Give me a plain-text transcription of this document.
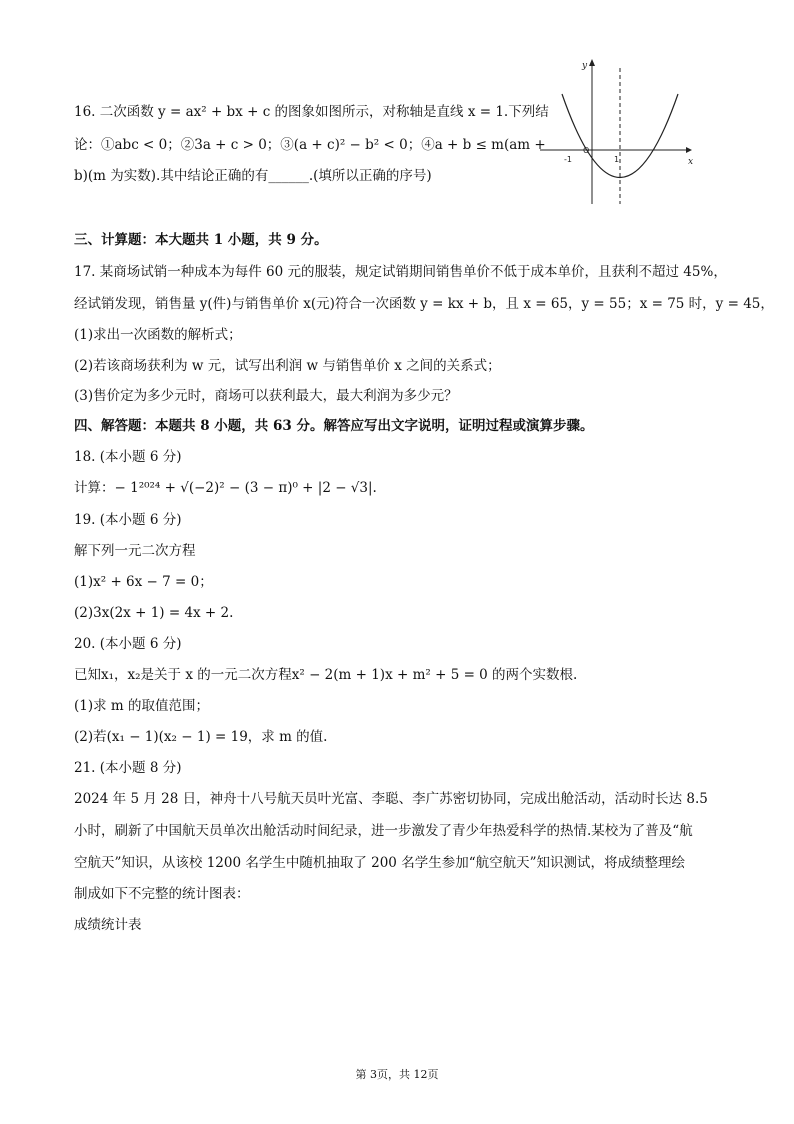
16. 二次函数 y = ax² + bx + c 的图象如图所示，对称轴是直线 x = 1.下列结
论：①abc < 0；②3a + c > 0；③(a + c)² − b² < 0；④a + b ≤ m(am +
b)(m 为实数).其中结论正确的有______.(填所以正确的序号)
y
x
-1
O
1
三、计算题：本大题共 1 小题，共 9 分。
17. 某商场试销一种成本为每件 60 元的服装，规定试销期间销售单价不低于成本单价，且获利不超过 45%，
经试销发现，销售量 y(件)与销售单价 x(元)符合一次函数 y = kx + b，且 x = 65，y = 55；x = 75 时，y = 45，
(1)求出一次函数的解析式；
(2)若该商场获利为 w 元，试写出利润 w 与销售单价 x 之间的关系式；
(3)售价定为多少元时，商场可以获利最大，最大利润为多少元？
四、解答题：本题共 8 小题，共 63 分。解答应写出文字说明，证明过程或演算步骤。
18. (本小题 6 分)
计算：− 1²⁰²⁴ + √(−2)² − (3 − π)⁰ + |2 − √3|.
19. (本小题 6 分)
解下列一元二次方程
(1)x² + 6x − 7 = 0；
(2)3x(2x + 1) = 4x + 2.
20. (本小题 6 分)
已知x₁，x₂是关于 x 的一元二次方程x² − 2(m + 1)x + m² + 5 = 0 的两个实数根.
(1)求 m 的取值范围；
(2)若(x₁ − 1)(x₂ − 1) = 19，求 m 的值.
21. (本小题 8 分)
2024 年 5 月 28 日，神舟十八号航天员叶光富、李聪、李广苏密切协同，完成出舱活动，活动时长达 8.5
小时，刷新了中国航天员单次出舱活动时间纪录，进一步激发了青少年热爱科学的热情.某校为了普及“航
空航天”知识，从该校 1200 名学生中随机抽取了 200 名学生参加“航空航天”知识测试，将成绩整理绘
制成如下不完整的统计图表：
成绩统计表
第 3页，共 12页
